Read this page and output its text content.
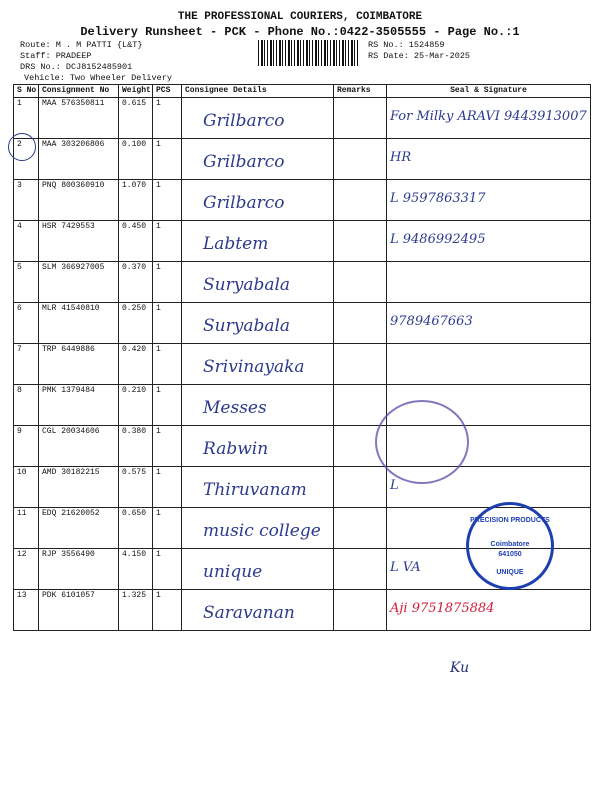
THE PROFESSIONAL COURIERS, COIMBATORE
Delivery Runsheet - PCK - Phone No.:0422-3505555 - Page No.:1
Route: M . M PATTI {L&T}
Staff: PRADEEP
DRS No.: DCJ8152485901
Vehicle: Two Wheeler Delivery
RS No.: 1524859
RS Date: 25-Mar-2025
S No	Consignment No	Weight	PCS	Consignee Details	Remarks	Seal & Signature
1	MAA 576350811	0.615	1	Grilbarco		For Milky ARAVI 9443913007
2	MAA 303206806	0.100	1	Grilbarco		HR
3	PNQ 800360910	1.070	1	Grilbarco		L 9597863317
4	HSR 7429553	0.450	1	Labtem		L 9486992495
5	SLM 366927005	0.370	1	Suryabala		
6	MLR 41540810	0.250	1	Suryabala		9789467663
7	TRP 6449886	0.420	1	Srivinayaka		
8	PMK 1379484	0.210	1	Messes		
9	CGL 20034606	0.380	1	Rabwin		
10	AMD 30182215	0.575	1	Thiruvanam		L
11	EDQ 21620052	0.650	1	music college		
12	RJP 3556490	4.150	1	unique		L VA
13	PDK 6101057	1.325	1	Saravanan		Aji 9751875884
PRECISION PRODUCTS
Coimbatore
641050
UNIQUE
Ku
